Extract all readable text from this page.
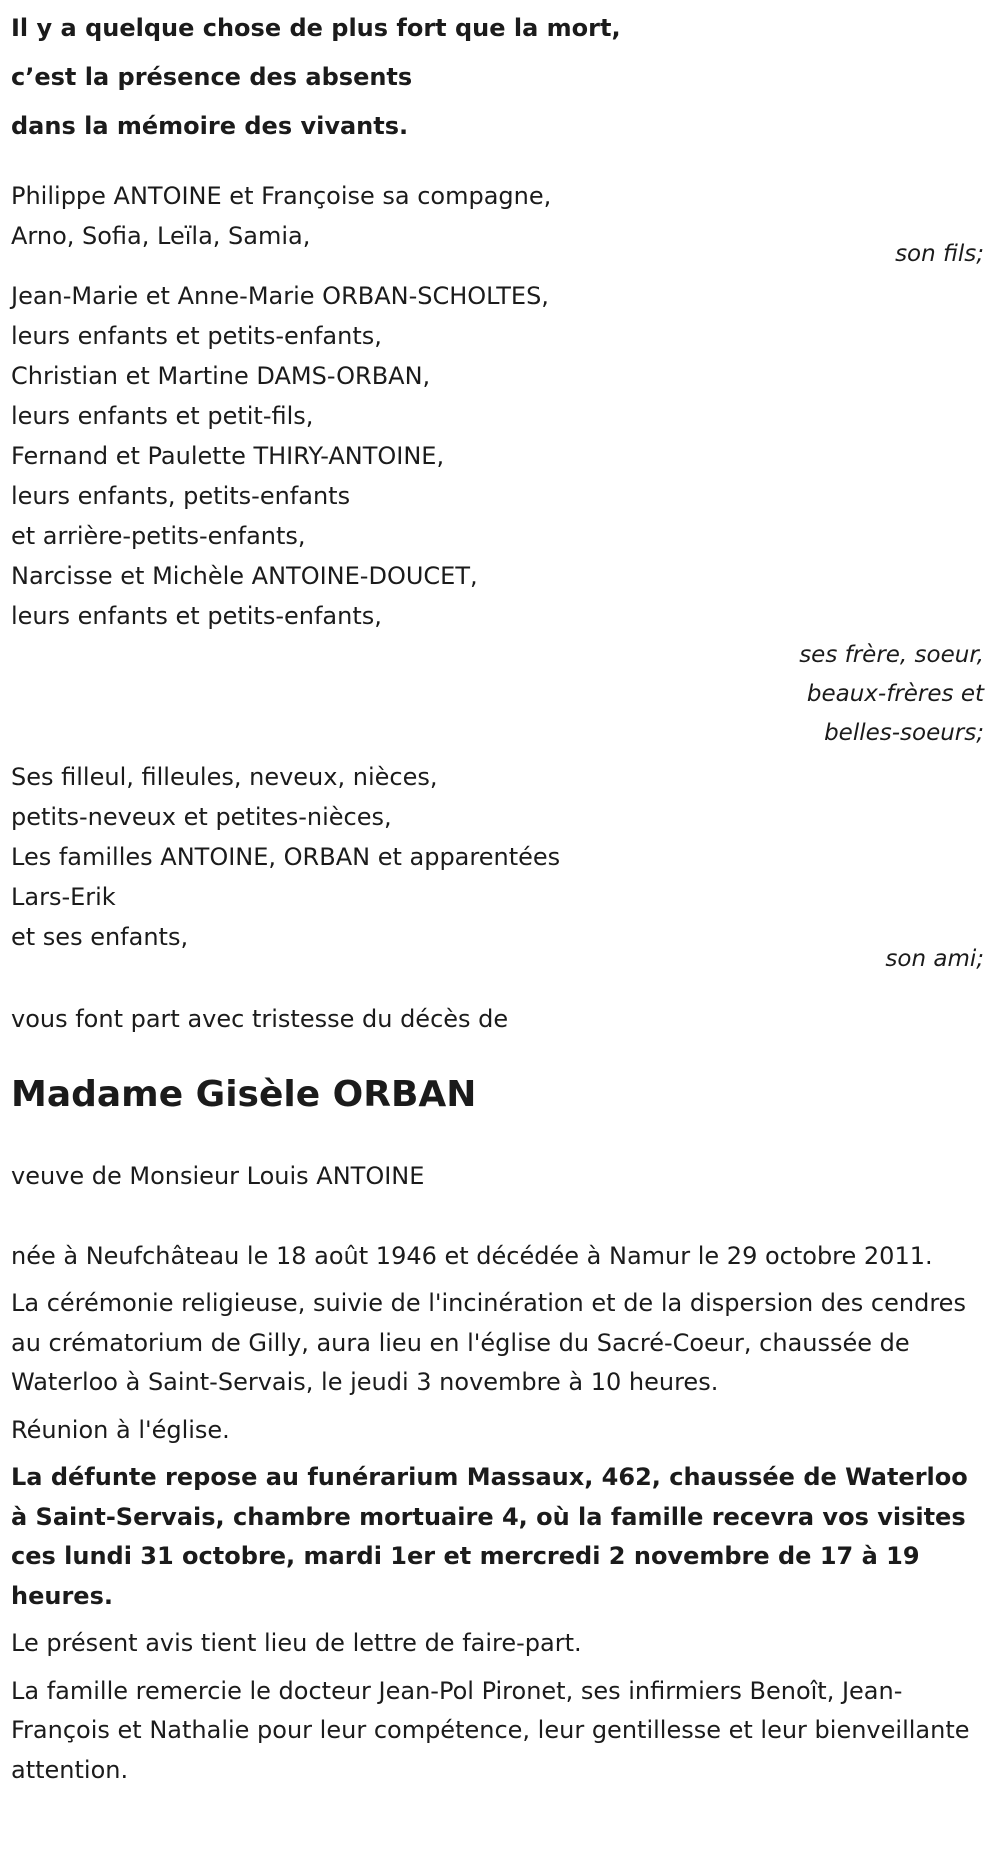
Il y a quelque chose de plus fort que la mort,
c’est la présence des absents
dans la mémoire des vivants.
Philippe ANTOINE et Françoise sa compagne,
Arno, Sofia, Leïla, Samia,
son fils;
Jean-Marie et Anne-Marie ORBAN-SCHOLTES,
leurs enfants et petits-enfants,
Christian et Martine DAMS-ORBAN,
leurs enfants et petit-fils,
Fernand et Paulette THIRY-ANTOINE,
leurs enfants, petits-enfants
et arrière-petits-enfants,
Narcisse et Michèle ANTOINE-DOUCET,
leurs enfants et petits-enfants,
ses frère, soeur,
beaux-frères et
belles-soeurs;
Ses filleul, filleules, neveux, nièces,
petits-neveux et petites-nièces,
Les familles ANTOINE, ORBAN et apparentées
Lars-Erik
et ses enfants,
son ami;
vous font part avec tristesse du décès de
Madame Gisèle ORBAN
veuve de Monsieur Louis ANTOINE
née à Neufchâteau le 18 août 1946 et décédée à Namur le 29 octobre 2011.
La cérémonie religieuse, suivie de l'incinération et de la dispersion des cendres au crématorium de Gilly, aura lieu en l'église du Sacré-Coeur, chaussée de Waterloo à Saint-Servais, le jeudi 3 novembre à 10 heures.
Réunion à l'église.
La défunte repose au funérarium Massaux, 462, chaussée de Waterloo à Saint-Servais, chambre mortuaire 4, où la famille recevra vos visites ces lundi 31 octobre, mardi 1er et mercredi 2 novembre de 17 à 19 heures.
Le présent avis tient lieu de lettre de faire-part.
La famille remercie le docteur Jean-Pol Pironet, ses infirmiers Benoît, Jean-François et Nathalie pour leur compétence, leur gentillesse et leur bienveillante attention.
